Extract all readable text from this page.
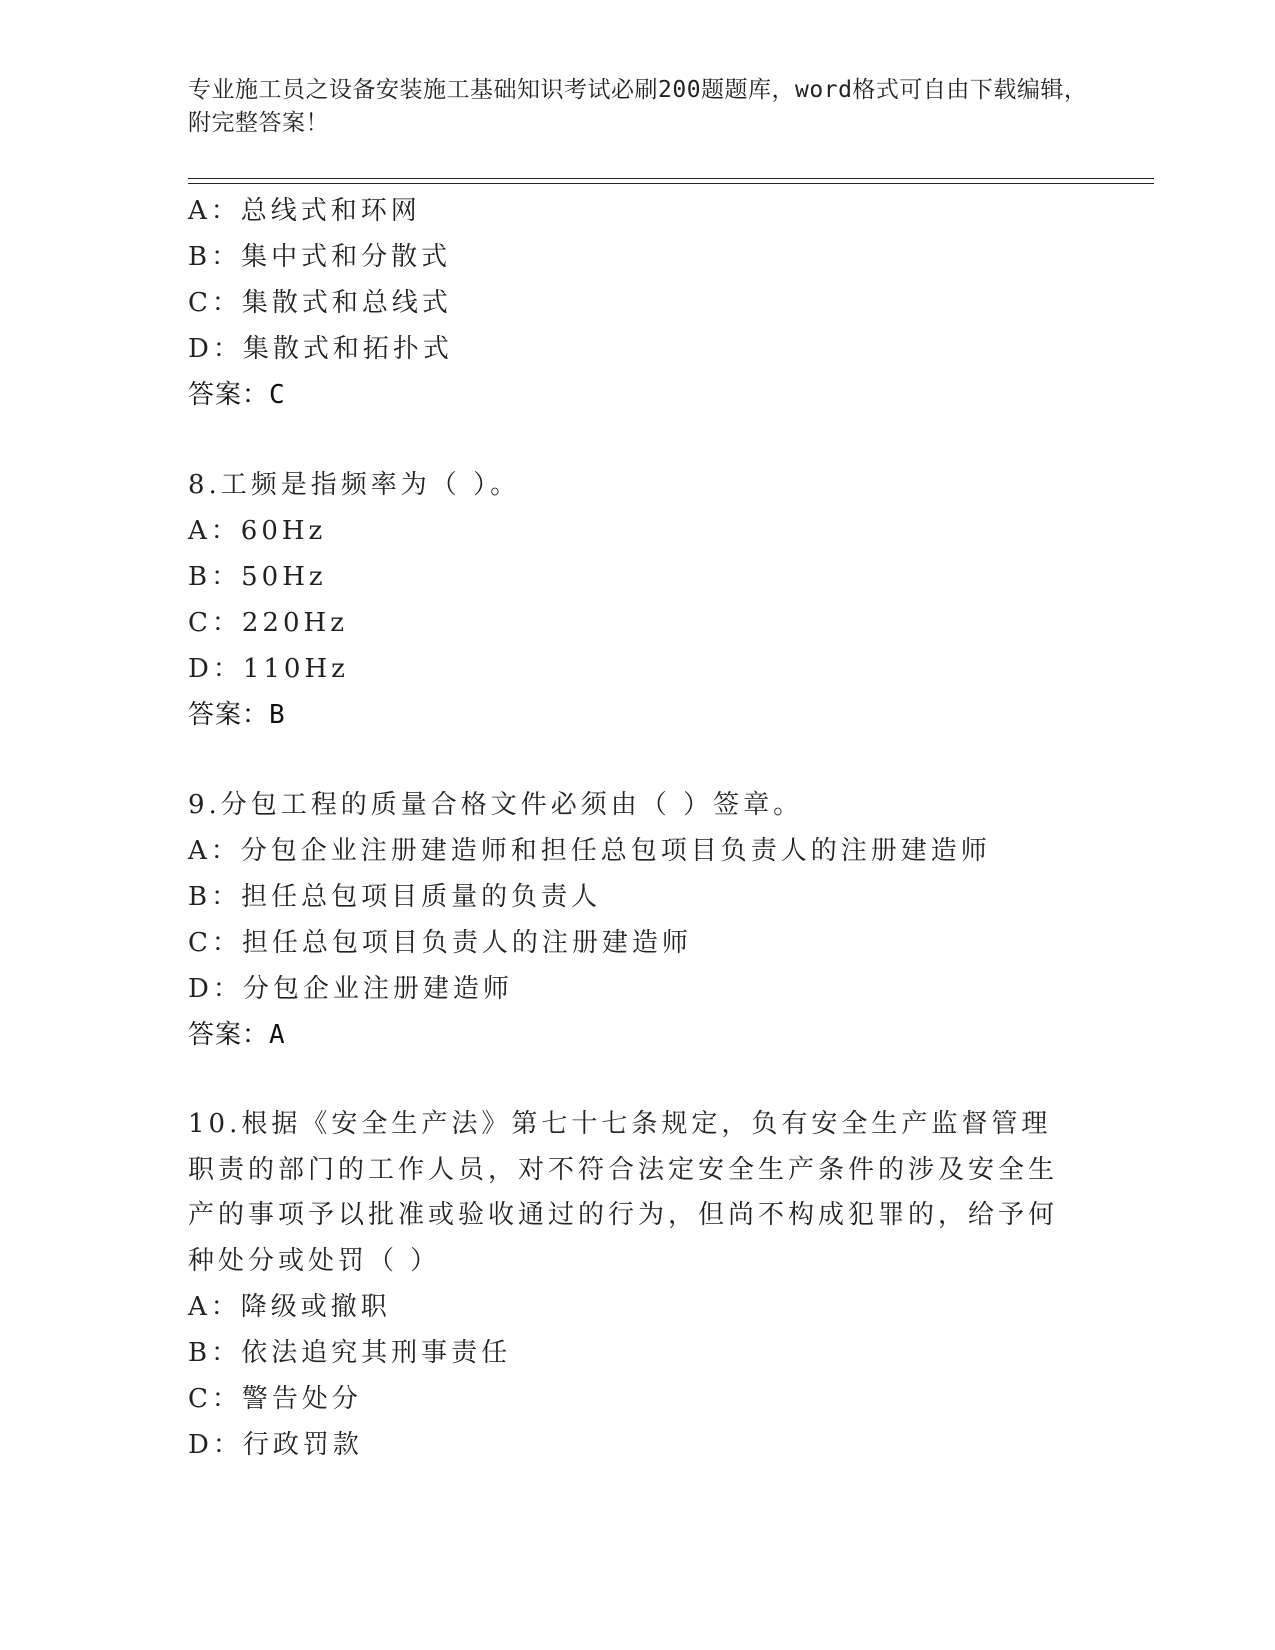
专业施工员之设备安装施工基础知识考试必刷200题题库，word格式可自由下载编辑，附完整答案！
A：总线式和环网
B：集中式和分散式
C：集散式和总线式
D：集散式和拓扑式
答案：C
8.工频是指频率为（ ）。
A：60Hz
B：50Hz
C：220Hz
D：110Hz
答案：B
9.分包工程的质量合格文件必须由（ ）签章。
A：分包企业注册建造师和担任总包项目负责人的注册建造师
B：担任总包项目质量的负责人
C：担任总包项目负责人的注册建造师
D：分包企业注册建造师
答案：A
10.根据《安全生产法》第七十七条规定，负有安全生产监督管理职责的部门的工作人员，对不符合法定安全生产条件的涉及安全生产的事项予以批准或验收通过的行为，但尚不构成犯罪的，给予何种处分或处罚（ ）
A：降级或撤职
B：依法追究其刑事责任
C：警告处分
D：行政罚款
